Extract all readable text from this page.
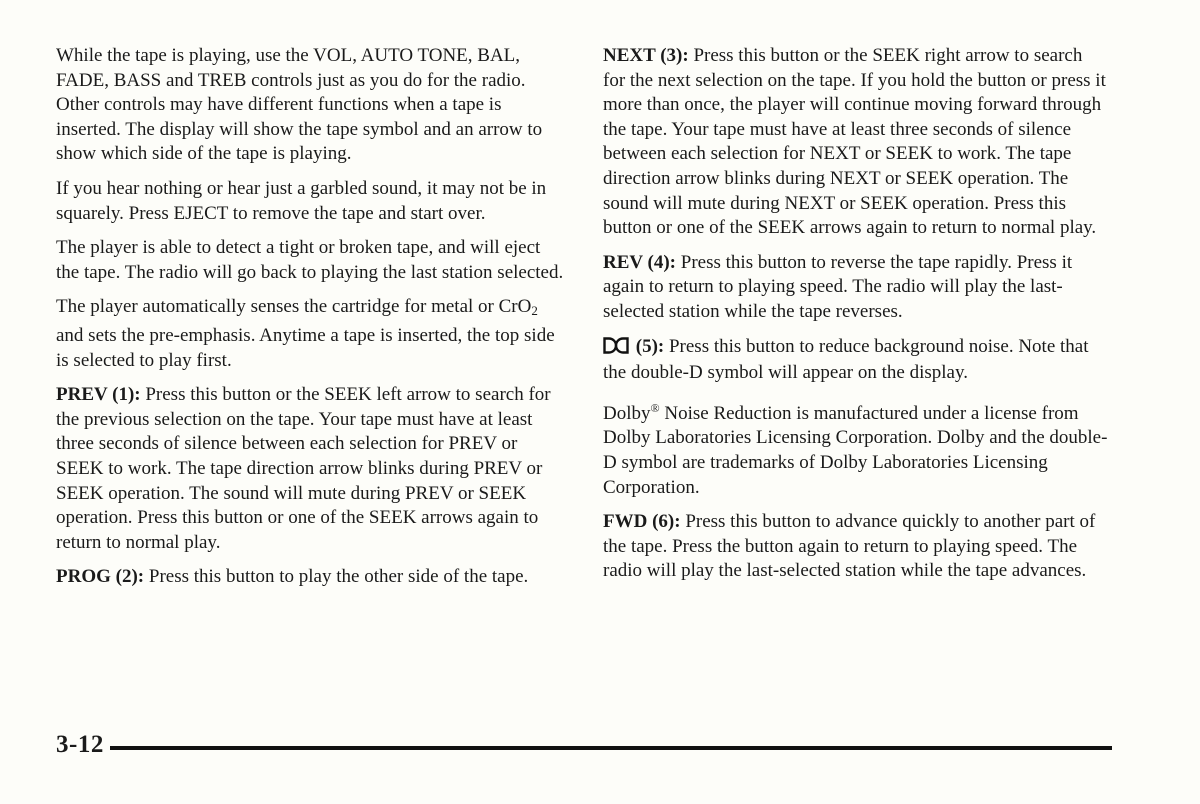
While the tape is playing, use the VOL, AUTO TONE, BAL, FADE, BASS and TREB controls just as you do for the radio. Other controls may have different functions when a tape is inserted. The display will show the tape symbol and an arrow to show which side of the tape is playing.

If you hear nothing or hear just a garbled sound, it may not be in squarely. Press EJECT to remove the tape and start over.

The player is able to detect a tight or broken tape, and will eject the tape. The radio will go back to playing the last station selected.

The player automatically senses the cartridge for metal or CrO$_2$ and sets the pre-emphasis. Anytime a tape is inserted, the top side is selected to play first.

PREV (1): Press this button or the SEEK left arrow to search for the previous selection on the tape. Your tape must have at least three seconds of silence between each selection for PREV or SEEK to work. The tape direction arrow blinks during PREV or SEEK operation. The sound will mute during PREV or SEEK operation. Press this button or one of the SEEK arrows again to return to normal play.

PROG (2): Press this button to play the other side of the tape.

NEXT (3): Press this button or the SEEK right arrow to search for the next selection on the tape. If you hold the button or press it more than once, the player will continue moving forward through the tape. Your tape must have at least three seconds of silence between each selection for NEXT or SEEK to work. The tape direction arrow blinks during NEXT or SEEK operation. The sound will mute during NEXT or SEEK operation. Press this button or one of the SEEK arrows again to return to normal play.

REV (4): Press this button to reverse the tape rapidly. Press it again to return to playing speed. The radio will play the last-selected station while the tape reverses.

(5): Press this button to reduce background noise. Note that the double-D symbol will appear on the display.

Dolby® Noise Reduction is manufactured under a license from Dolby Laboratories Licensing Corporation. Dolby and the double-D symbol are trademarks of Dolby Laboratories Licensing Corporation.

FWD (6): Press this button to advance quickly to another part of the tape. Press the button again to return to playing speed. The radio will play the last-selected station while the tape advances.

3-12
